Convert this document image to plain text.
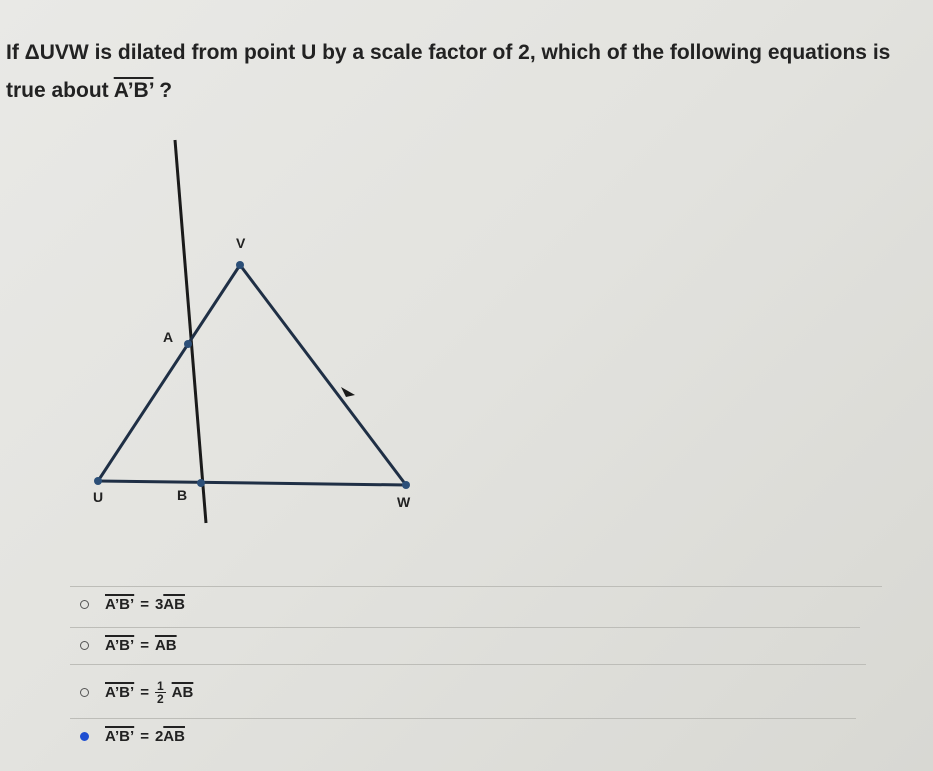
If ΔUVW is dilated from point U by a scale factor of 2, which of the following equations is
true about A’B’ ?
V
A
U	B	W
A’B’ = $3\overline{AB}$
A’B’ = $\overline{AB}$
A’B’ = $\frac{1}{2} \overline{AB}$
A’B’ = $2\overline{AB}$
